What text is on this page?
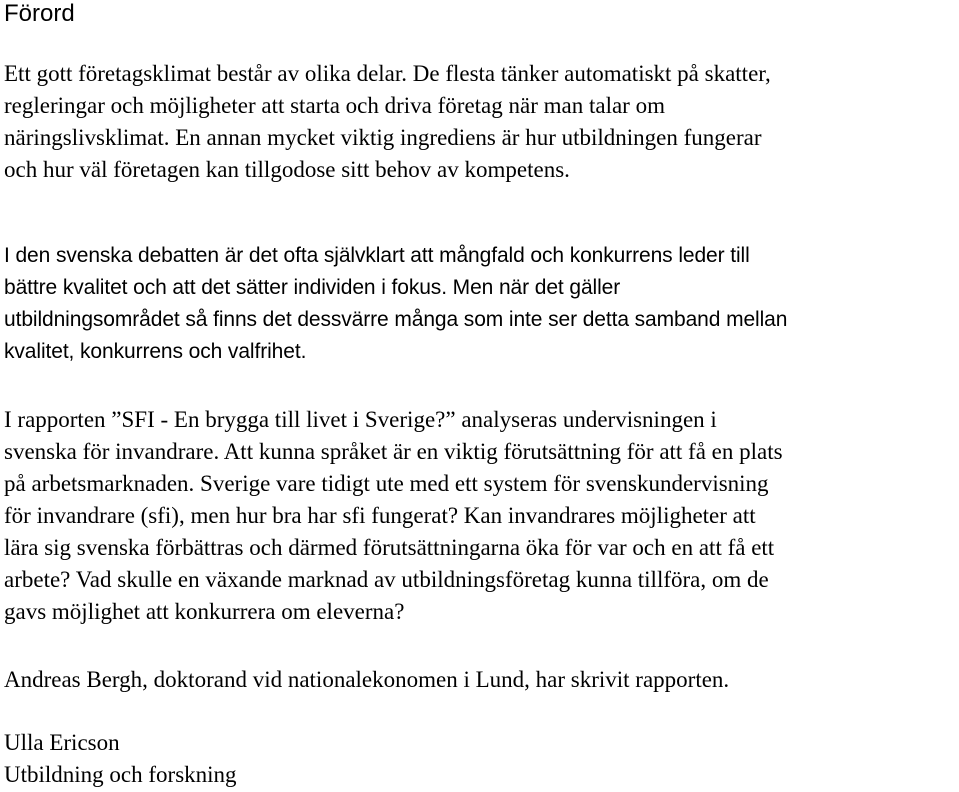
Förord

Ett gott företagsklimat består av olika delar. De flesta tänker automatiskt på skatter,
regleringar och möjligheter att starta och driva företag när man talar om
näringslivsklimat. En annan mycket viktig ingrediens är hur utbildningen fungerar
och hur väl företagen kan tillgodose sitt behov av kompetens.

I den svenska debatten är det ofta självklart att mångfald och konkurrens leder till
bättre kvalitet och att det sätter individen i fokus. Men när det gäller
utbildningsområdet så finns det dessvärre många som inte ser detta samband mellan
kvalitet, konkurrens och valfrihet.

I rapporten ”SFI - En brygga till livet i Sverige?” analyseras undervisningen i
svenska för invandrare. Att kunna språket är en viktig förutsättning för att få en plats
på arbetsmarknaden. Sverige vare tidigt ute med ett system för svenskundervisning
för invandrare (sfi), men hur bra har sfi fungerat? Kan invandrares möjligheter att
lära sig svenska förbättras och därmed förutsättningarna öka för var och en att få ett
arbete? Vad skulle en växande marknad av utbildningsföretag kunna tillföra, om de
gavs möjlighet att konkurrera om eleverna?

Andreas Bergh, doktorand vid nationalekonomen i Lund, har skrivit rapporten.

Ulla Ericson
Utbildning och forskning
